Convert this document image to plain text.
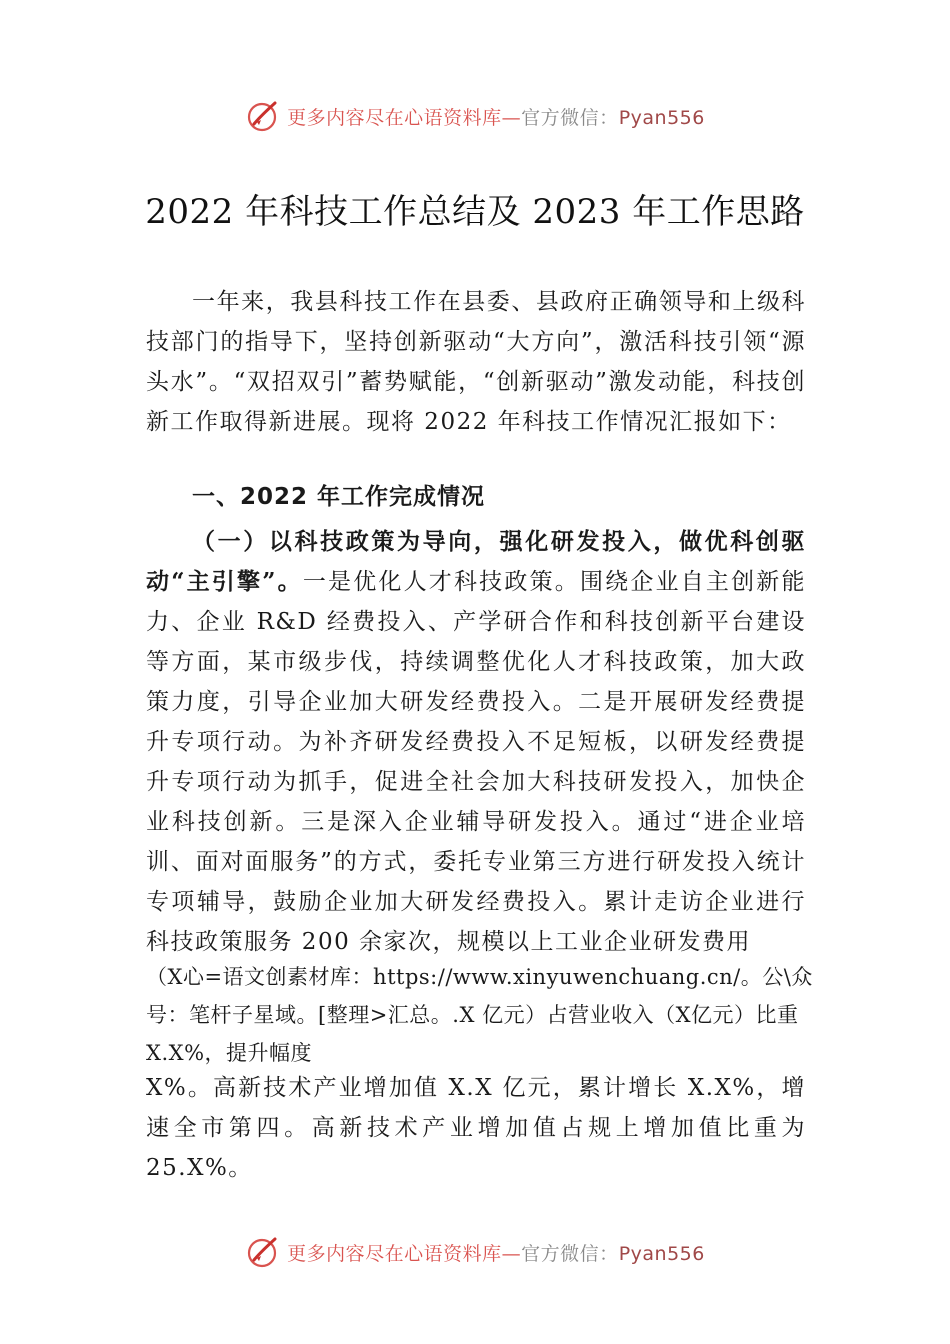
更多内容尽在心语资料库—官方微信：Pyan556
2022 年科技工作总结及 2023 年工作思路

一年来，我县科技工作在县委、县政府正确领导和上级科技部门的指导下，坚持创新驱动“大方向”，激活科技引领“源头水”。“双招双引”蓄势赋能，“创新驱动”激发动能，科技创新工作取得新进展。现将 2022 年科技工作情况汇报如下：

一、2022 年工作完成情况

（一）以科技政策为导向，强化研发投入，做优科创驱动“主引擎”。一是优化人才科技政策。围绕企业自主创新能力、企业 R&D 经费投入、产学研合作和科技创新平台建设等方面，某市级步伐，持续调整优化人才科技政策，加大政策力度，引导企业加大研发经费投入。二是开展研发经费提升专项行动。为补齐研发经费投入不足短板，以研发经费提升专项行动为抓手，促进全社会加大科技研发投入，加快企业科技创新。三是深入企业辅导研发投入。通过“进企业培训、面对面服务”的方式，委托专业第三方进行研发投入统计专项辅导，鼓励企业加大研发经费投入。累计走访企业进行科技政策服务 200 余家次，规模以上工业企业研发费用

（X心=语文创素材库：https://www.xinyuwenchuang.cn/。公\众号：笔杆子星域。[整理>汇总。.X 亿元）占营业收入（X亿元）比重 X.X%，提升幅度

X%。高新技术产业增加值 X.X 亿元，累计增长 X.X%，增速全市第四。高新技术产业增加值占规上增加值比重为 25.X%。

更多内容尽在心语资料库—官方微信：Pyan556
